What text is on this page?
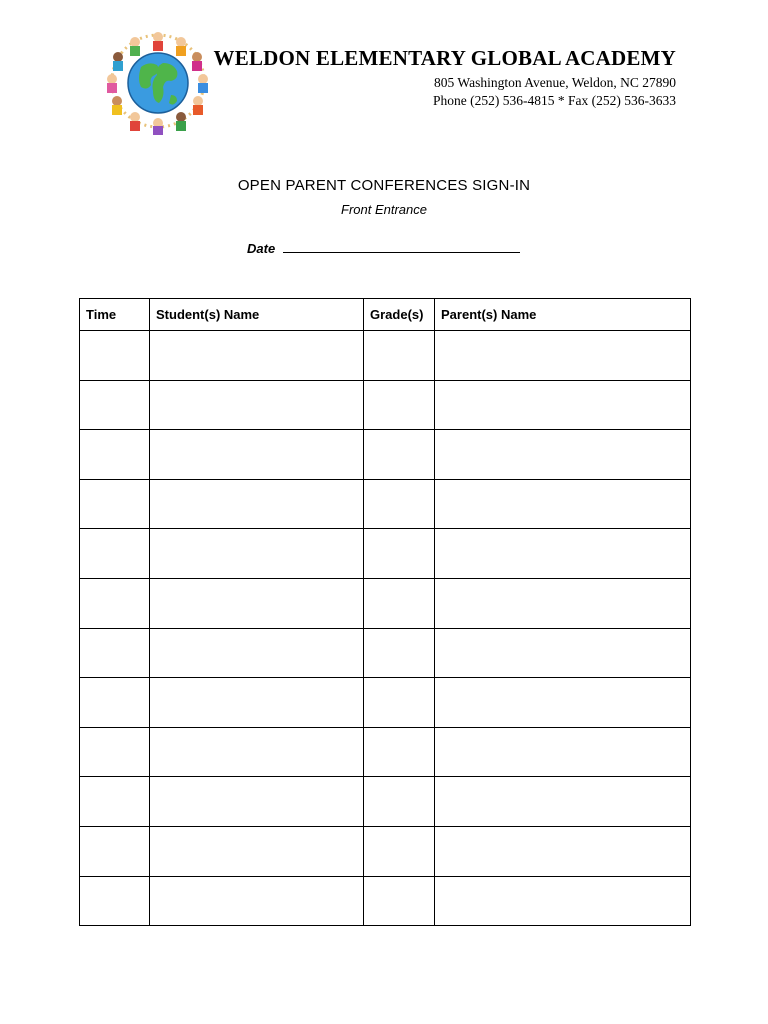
WELDON ELEMENTARY GLOBAL ACADEMY
805 Washington Avenue, Weldon, NC 27890
Phone (252) 536-4815 * Fax (252) 536-3633
OPEN PARENT CONFERENCES SIGN-IN
Front Entrance
Date
Time	Student(s) Name	Grade(s)	Parent(s) Name
